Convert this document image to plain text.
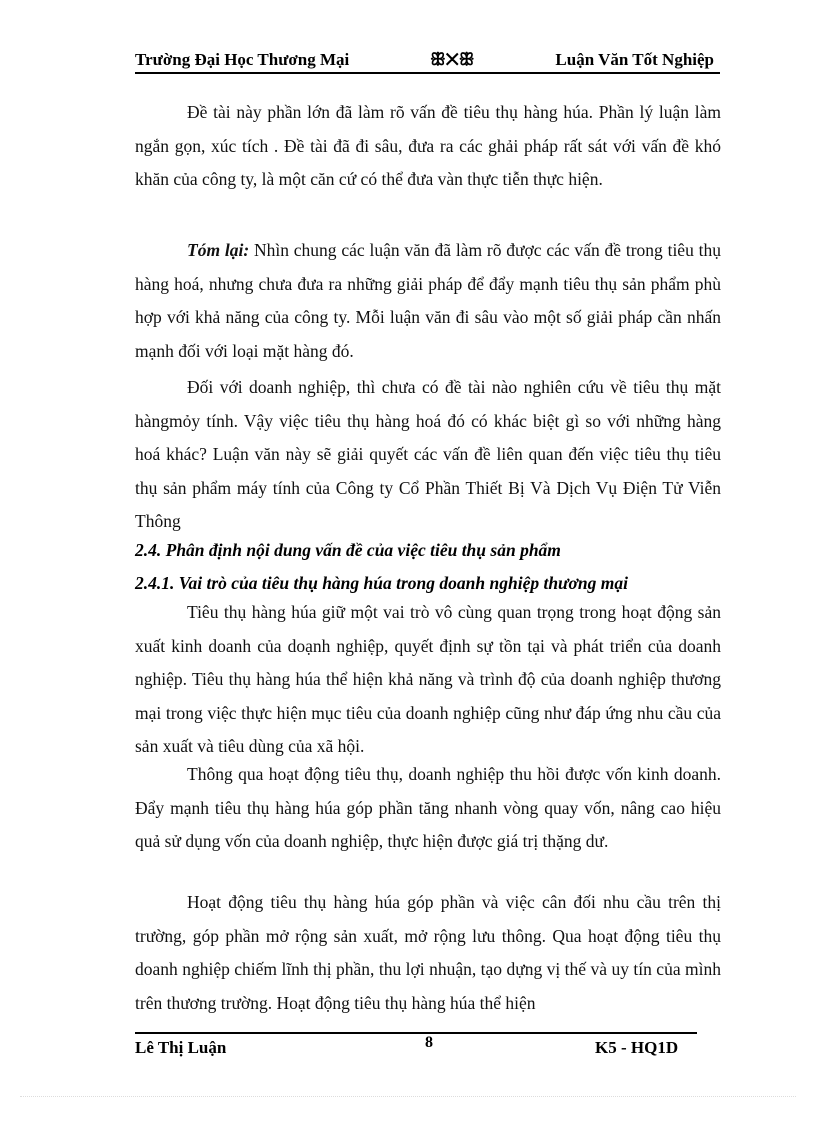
Trường Đại Học Thương Mại	ꕥ✕ꕥ	Luận Văn Tốt Nghiệp

Đề tài này phần lớn đã làm rõ vấn đề tiêu thụ hàng húa. Phần lý luận làm ngắn gọn, xúc tích . Đề tài đã đi sâu, đưa ra các ghải pháp rất sát với vấn đề khó khăn của công ty, là một căn cứ có thể đưa vàn thực tiễn thực hiện.

Tóm lại: Nhìn chung các luận văn đã làm rõ được các vấn đề trong tiêu thụ hàng hoá, nhưng chưa đưa ra những giải pháp để đẩy mạnh tiêu thụ sản phẩm phù hợp với khả năng của công ty. Mỗi luận văn đi sâu vào một số giải pháp cần nhấn mạnh đối với loại mặt hàng đó.

Đối với doanh nghiệp, thì chưa có đề tài nào nghiên cứu về tiêu thụ mặt hàngmỏy tính. Vậy việc tiêu thụ hàng hoá đó có khác biệt gì so với những hàng hoá khác? Luận văn này sẽ giải quyết các vấn đề liên quan đến việc tiêu thụ tiêu thụ sản phẩm máy tính của Công ty Cổ Phần Thiết Bị Và Dịch Vụ Điện Tử Viễn Thông

2.4. Phân định nội dung vấn đề của việc tiêu thụ sản phẩm

2.4.1. Vai trò của tiêu thụ hàng húa trong doanh nghiệp thương mại

Tiêu thụ hàng húa giữ một vai trò vô cùng quan trọng trong hoạt động sản xuất kinh doanh của doạnh nghiệp, quyết định sự tồn tại và phát triển của doanh nghiệp. Tiêu thụ hàng húa thể hiện khả năng và trình độ của doanh nghiệp thương mại trong việc thực hiện mục tiêu của doanh nghiệp cũng như đáp ứng nhu cầu của sản xuất và tiêu dùng của xã hội.

Thông qua hoạt động tiêu thụ, doanh nghiệp thu hồi được vốn kinh doanh. Đẩy mạnh tiêu thụ hàng húa góp phần tăng nhanh vòng quay vốn, nâng cao hiệu quả sử dụng vốn của doanh nghiệp, thực hiện được giá trị thặng dư.

Hoạt động tiêu thụ hàng húa góp phần và việc cân đối nhu cầu trên thị trường, góp phần mở rộng sản xuất, mở rộng lưu thông. Qua hoạt động tiêu thụ doanh nghiệp chiếm lĩnh thị phần, thu lợi nhuận, tạo dựng vị thế và uy tín của mình trên thương trường. Hoạt động tiêu thụ hàng húa thể hiện

Lê Thị Luận	8	K5 - HQ1D
